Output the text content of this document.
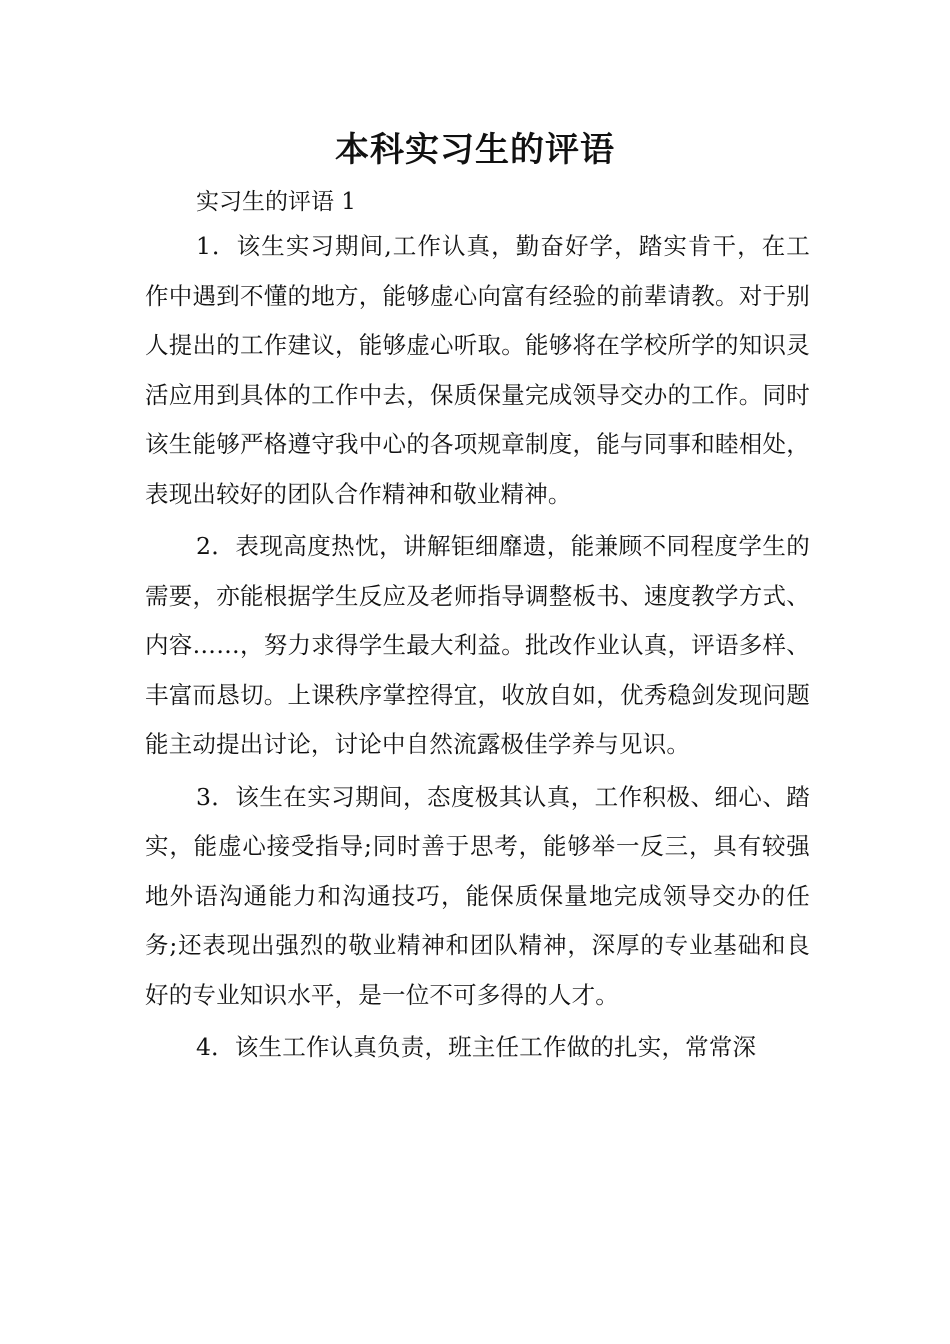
本科实习生的评语

实习生的评语 1

1．该生实习期间,工作认真，勤奋好学，踏实肯干，在工作中遇到不懂的地方，能够虚心向富有经验的前辈请教。对于别人提出的工作建议，能够虚心听取。能够将在学校所学的知识灵活应用到具体的工作中去，保质保量完成领导交办的工作。同时该生能够严格遵守我中心的各项规章制度，能与同事和睦相处，表现出较好的团队合作精神和敬业精神。

2．表现高度热忱，讲解钜细靡遗，能兼顾不同程度学生的需要，亦能根据学生反应及老师指导调整板书、速度教学方式、内容……，努力求得学生最大利益。批改作业认真，评语多样、丰富而恳切。上课秩序掌控得宜，收放自如，优秀稳剑发现问题能主动提出讨论，讨论中自然流露极佳学养与见识。

3．该生在实习期间，态度极其认真，工作积极、细心、踏实，能虚心接受指导;同时善于思考，能够举一反三，具有较强地外语沟通能力和沟通技巧，能保质保量地完成领导交办的任务;还表现出强烈的敬业精神和团队精神，深厚的专业基础和良好的专业知识水平，是一位不可多得的人才。

4．该生工作认真负责，班主任工作做的扎实，常常深
